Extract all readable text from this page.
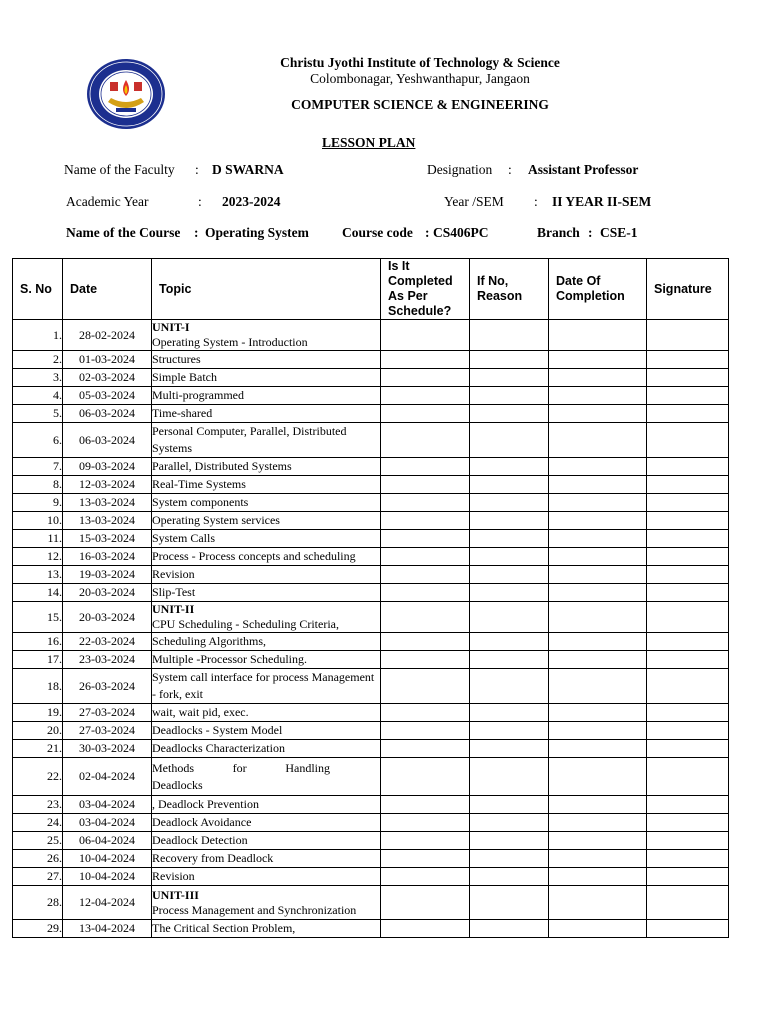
Christu Jyothi Institute of Technology & Science
Colombonagar, Yeshwanthapur, Jangaon
COMPUTER SCIENCE & ENGINEERING
LESSON PLAN
Name of the Faculty : D SWARNA	Designation : Assistant Professor
Academic Year	: 2023-2024	Year /SEM : II YEAR II-SEM
Name of the Course : Operating System Course code : CS406PC	Branch : CSE-1
S. No	Date	Topic	Is It Completed As Per Schedule?	If No, Reason	Date Of Completion	Signature
1.	28-02-2024	UNIT-I
Operating System - Introduction				

2.	01-03-2024	Structures				
3.	02-03-2024	Simple Batch				
4.	05-03-2024	Multi-programmed				
5.	06-03-2024	Time-shared				
6.	06-03-2024	Personal Computer, Parallel, Distributed Systems				
7.	09-03-2024	Parallel, Distributed Systems				
8.	12-03-2024	Real-Time Systems				
9.	13-03-2024	System components				
10.	13-03-2024	Operating System services				
11.	15-03-2024	System Calls				
12.	16-03-2024	Process - Process concepts and scheduling				
13.	19-03-2024	Revision				
14.	20-03-2024	Slip-Test				
15.	20-03-2024	UNIT-II
CPU Scheduling - Scheduling Criteria,				

16.	22-03-2024	Scheduling Algorithms,				
17.	23-03-2024	Multiple -Processor Scheduling.				
18.	26-03-2024	System call interface for process Management - fork, exit				
19.	27-03-2024	wait, wait pid, exec.				
20.	27-03-2024	Deadlocks - System Model				
21.	30-03-2024	Deadlocks Characterization				
22.	02-04-2024	Methods for Handling Deadlocks				

23.	03-04-2024	, Deadlock Prevention				
24.	03-04-2024	Deadlock Avoidance				
25.	06-04-2024	Deadlock Detection				
26.	10-04-2024	Recovery from Deadlock				
27.	10-04-2024	Revision				
28.	12-04-2024	UNIT-III
Process Management and Synchronization				

29.	13-04-2024	The Critical Section Problem,				
